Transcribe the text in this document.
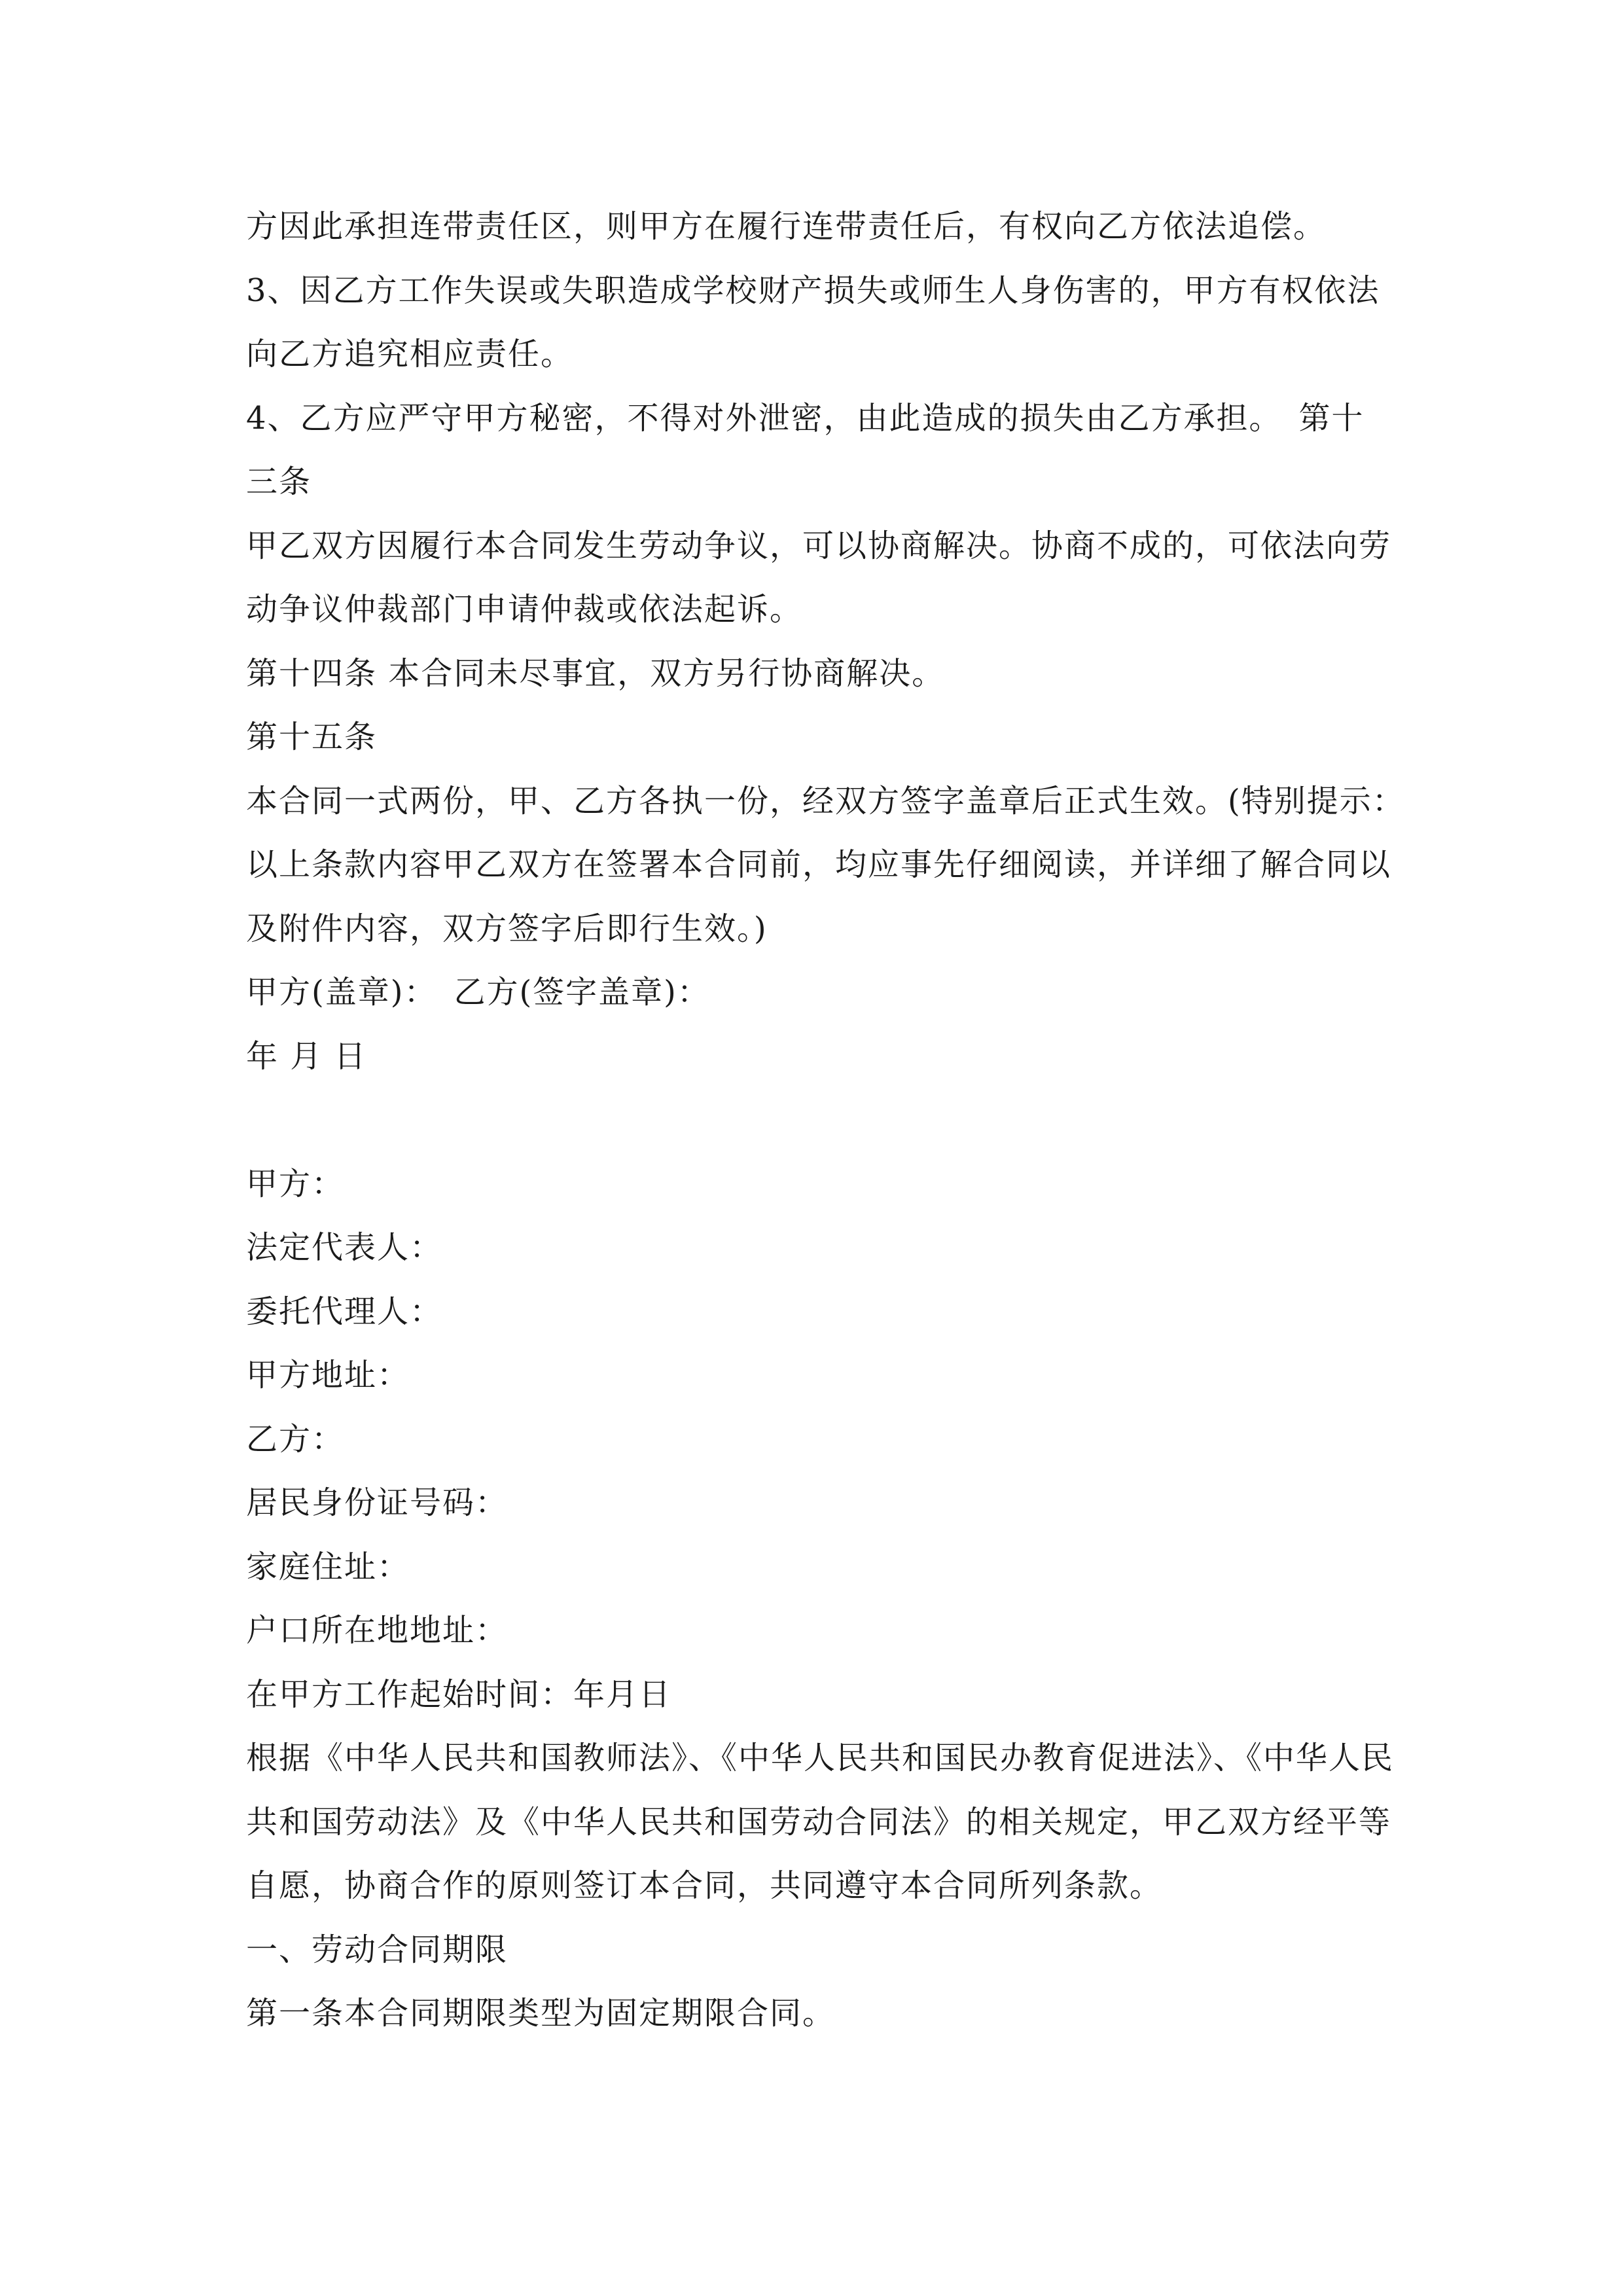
方因此承担连带责任区，则甲方在履行连带责任后，有权向乙方依法追偿。
3、因乙方工作失误或失职造成学校财产损失或师生人身伤害的，甲方有权依法
向乙方追究相应责任。
4、乙方应严守甲方秘密，不得对外泄密，由此造成的损失由乙方承担。　第十
三条
甲乙双方因履行本合同发生劳动争议，可以协商解决。协商不成的，可依法向劳
动争议仲裁部门申请仲裁或依法起诉。
第十四条 本合同未尽事宜，双方另行协商解决。
第十五条
本合同一式两份，甲、乙方各执一份，经双方签字盖章后正式生效。(特别提示：
以上条款内容甲乙双方在签署本合同前，均应事先仔细阅读，并详细了解合同以
及附件内容，双方签字后即行生效。)
甲方(盖章)：　乙方(签字盖章)：
年 月 日
甲方：
法定代表人：
委托代理人：
甲方地址：
乙方：
居民身份证号码：
家庭住址：
户口所在地地址：
在甲方工作起始时间：年月日
根据《中华人民共和国教师法》、《中华人民共和国民办教育促进法》、《中华人民
共和国劳动法》及《中华人民共和国劳动合同法》的相关规定，甲乙双方经平等
自愿，协商合作的原则签订本合同，共同遵守本合同所列条款。
一、劳动合同期限
第一条本合同期限类型为固定期限合同。
